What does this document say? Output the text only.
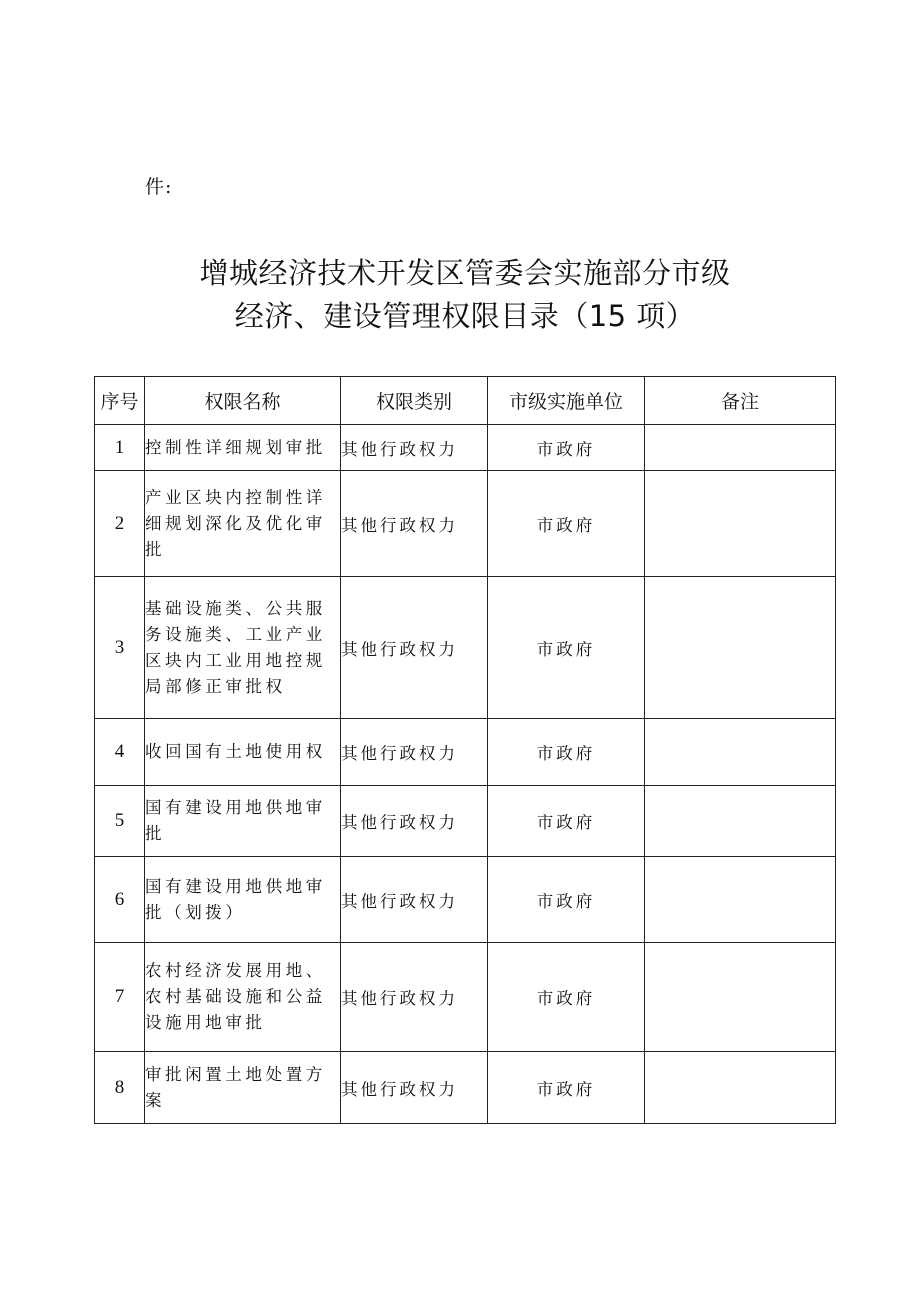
件:
增城经济技术开发区管委会实施部分市级
经济、建设管理权限目录（15 项）
序号	权限名称	权限类别	市级实施单位	备注
1	控制性详细规划审批	其他行政权力	市政府	
2	产业区块内控制性详细规划深化及优化审批	其他行政权力	市政府	
3	基础设施类、公共服务设施类、工业产业区块内工业用地控规局部修正审批权	其他行政权力	市政府	
4	收回国有土地使用权	其他行政权力	市政府	
5	国有建设用地供地审批	其他行政权力	市政府	
6	国有建设用地供地审批（划拨）	其他行政权力	市政府	
7	农村经济发展用地、农村基础设施和公益设施用地审批	其他行政权力	市政府	
8	审批闲置土地处置方案	其他行政权力	市政府	
